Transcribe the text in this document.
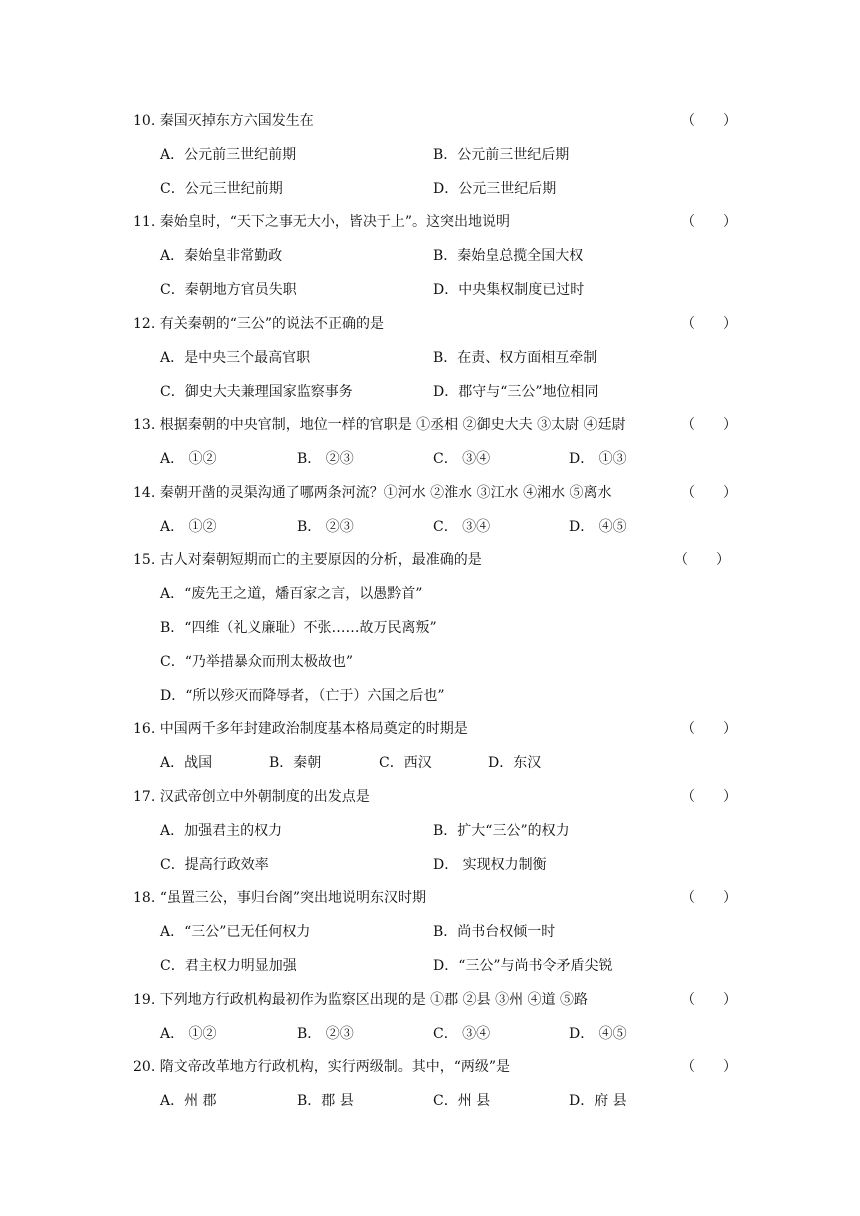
10. 秦国灭掉东方六国发生在	（　　）
A．公元前三世纪前期	B．公元前三世纪后期
C．公元三世纪前期	D．公元三世纪后期
11. 秦始皇时，“天下之事无大小，皆决于上”。这突出地说明	（　　）
A．秦始皇非常勤政	B．秦始皇总揽全国大权
C．秦朝地方官员失职	D．中央集权制度已过时
12. 有关秦朝的“三公”的说法不正确的是	（　　）
A．是中央三个最高官职	B．在责、权方面相互牵制
C．御史大夫兼理国家监察事务	D．郡守与“三公”地位相同
13. 根据秦朝的中央官制，地位一样的官职是 ①丞相 ②御史大夫 ③太尉 ④廷尉	（　　）
A． ①②	B． ②③	C． ③④	D． ①③
14. 秦朝开凿的灵渠沟通了哪两条河流？①河水 ②淮水 ③江水 ④湘水 ⑤离水	（　　）
A． ①②	B． ②③	C． ③④	D． ④⑤
15. 古人对秦朝短期而亡的主要原因的分析，最准确的是	（　　）
A．“废先王之道，燔百家之言，以愚黔首”
B．“四维（礼义廉耻）不张……故万民离叛”
C．“乃举措暴众而刑太极故也”
D．“所以殄灭而降辱者，（亡于）六国之后也”
16. 中国两千多年封建政治制度基本格局奠定的时期是	（　　）
A．战国	B．秦朝	C．西汉	D．东汉
17. 汉武帝创立中外朝制度的出发点是	（　　）
A．加强君主的权力	B．扩大“三公”的权力
C．提高行政效率	D． 实现权力制衡
18. “虽置三公，事归台阁”突出地说明东汉时期	（　　）
A．“三公”已无任何权力	B．尚书台权倾一时
C．君主权力明显加强	D．“三公”与尚书令矛盾尖锐
19. 下列地方行政机构最初作为监察区出现的是 ①郡 ②县 ③州 ④道 ⑤路	（　　）
A． ①②	B． ②③	C． ③④	D． ④⑤
20. 隋文帝改革地方行政机构，实行两级制。其中，“两级”是	（　　）
A．州 郡	B．郡 县	C．州 县	D．府 县
